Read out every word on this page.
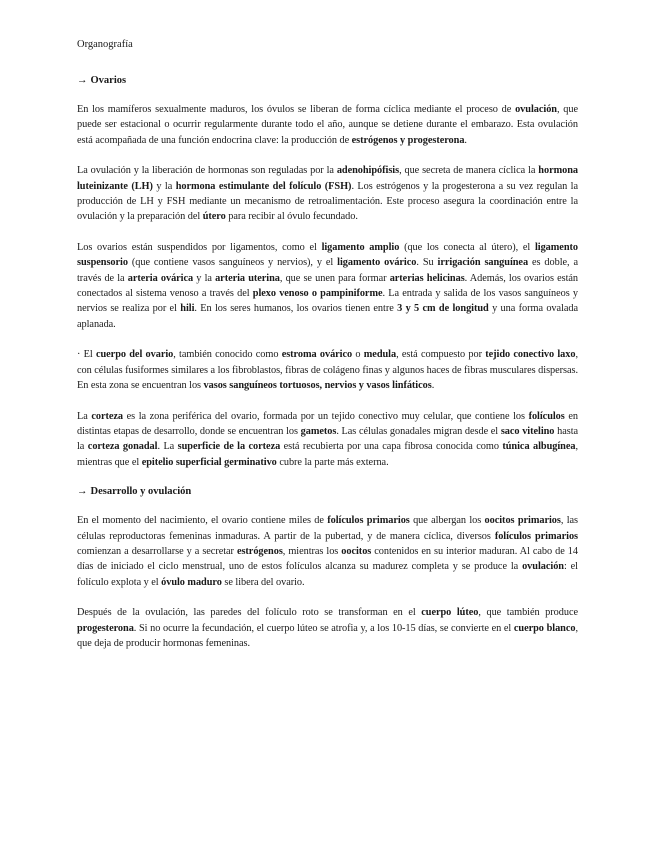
Organografía
→ Ovarios

En los mamíferos sexualmente maduros, los óvulos se liberan de forma cíclica mediante el proceso de ovulación, que puede ser estacional o ocurrir regularmente durante todo el año, aunque se detiene durante el embarazo. Esta ovulación está acompañada de una función endocrina clave: la producción de estrógenos y progesterona.

La ovulación y la liberación de hormonas son reguladas por la adenohipófisis, que secreta de manera cíclica la hormona luteinizante (LH) y la hormona estimulante del folículo (FSH). Los estrógenos y la progesterona a su vez regulan la producción de LH y FSH mediante un mecanismo de retroalimentación. Este proceso asegura la coordinación entre la ovulación y la preparación del útero para recibir al óvulo fecundado.

Los ovarios están suspendidos por ligamentos, como el ligamento amplio (que los conecta al útero), el ligamento suspensorio (que contiene vasos sanguíneos y nervios), y el ligamento ovárico. Su irrigación sanguínea es doble, a través de la arteria ovárica y la arteria uterina, que se unen para formar arterias helicinas. Además, los ovarios están conectados al sistema venoso a través del plexo venoso o pampiniforme. La entrada y salida de los vasos sanguíneos y nervios se realiza por el hili. En los seres humanos, los ovarios tienen entre 3 y 5 cm de longitud y una forma ovalada aplanada.

· El cuerpo del ovario, también conocido como estroma ovárico o medula, está compuesto por tejido conectivo laxo, con células fusiformes similares a los fibroblastos, fibras de colágeno finas y algunos haces de fibras musculares dispersas. En esta zona se encuentran los vasos sanguíneos tortuosos, nervios y vasos linfáticos.

La corteza es la zona periférica del ovario, formada por un tejido conectivo muy celular, que contiene los folículos en distintas etapas de desarrollo, donde se encuentran los gametos. Las células gonadales migran desde el saco vitelino hasta la corteza gonadal. La superficie de la corteza está recubierta por una capa fibrosa conocida como túnica albugínea, mientras que el epitelio superficial germinativo cubre la parte más externa.

→ Desarrollo y ovulación

En el momento del nacimiento, el ovario contiene miles de folículos primarios que albergan los oocitos primarios, las células reproductoras femeninas inmaduras. A partir de la pubertad, y de manera cíclica, diversos folículos primarios comienzan a desarrollarse y a secretar estrógenos, mientras los oocitos contenidos en su interior maduran. Al cabo de 14 días de iniciado el ciclo menstrual, uno de estos folículos alcanza su madurez completa y se produce la ovulación: el folículo explota y el óvulo maduro se libera del ovario.

Después de la ovulación, las paredes del folículo roto se transforman en el cuerpo lúteo, que también produce progesterona. Si no ocurre la fecundación, el cuerpo lúteo se atrofia y, a los 10-15 días, se convierte en el cuerpo blanco, que deja de producir hormonas femeninas.
